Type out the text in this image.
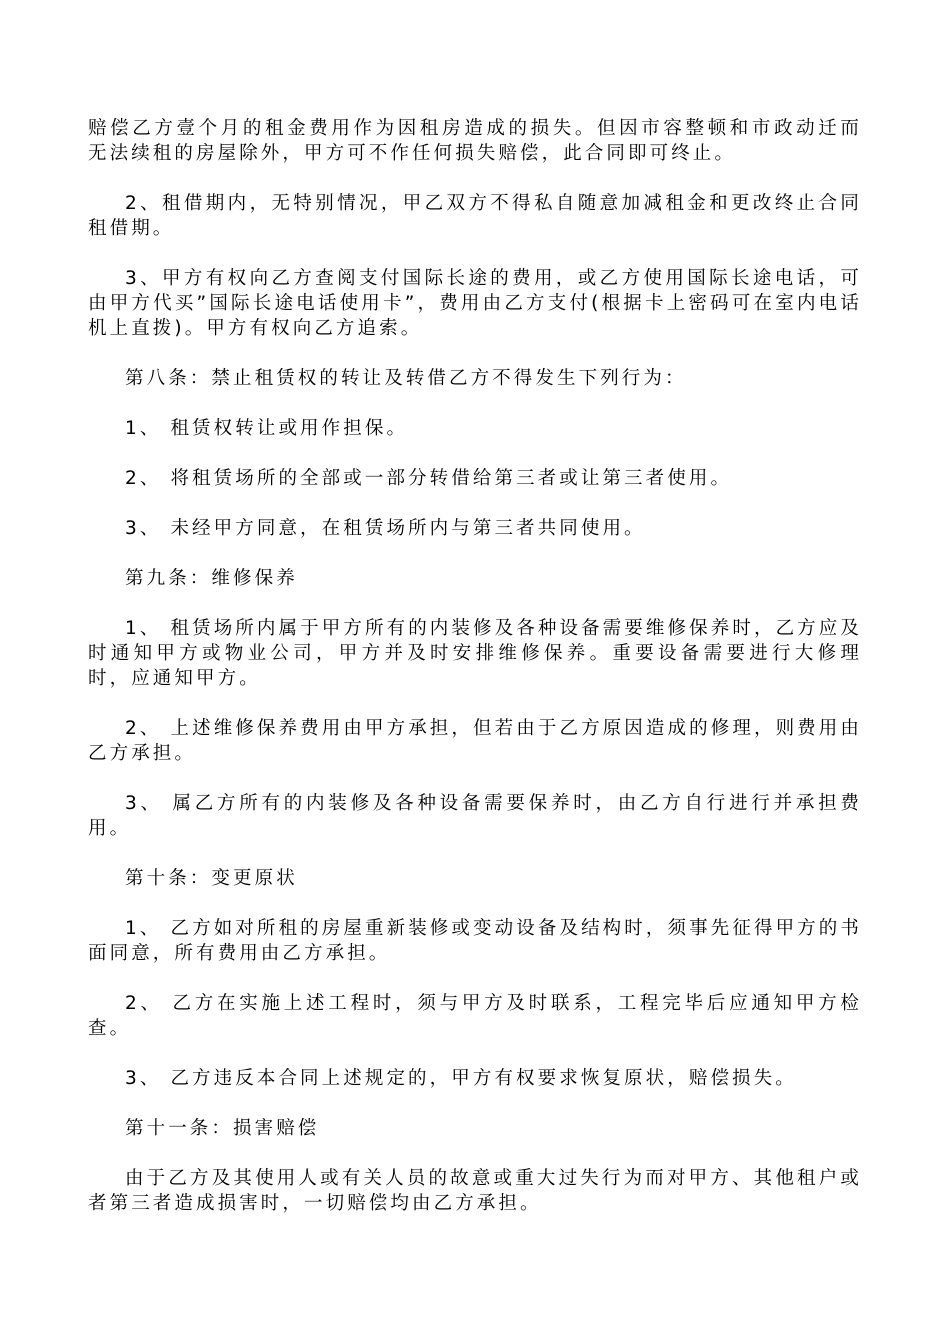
赔偿乙方壹个月的租金费用作为因租房造成的损失。但因市容整顿和市政动迁而无法续租的房屋除外，甲方可不作任何损失赔偿，此合同即可终止。

2、租借期内，无特别情况，甲乙双方不得私自随意加减租金和更改终止合同租借期。

3、甲方有权向乙方查阅支付国际长途的费用，或乙方使用国际长途电话，可由甲方代买”国际长途电话使用卡”，费用由乙方支付(根据卡上密码可在室内电话机上直拨)。甲方有权向乙方追索。

第八条：禁止租赁权的转让及转借乙方不得发生下列行为：

1、 租赁权转让或用作担保。

2、 将租赁场所的全部或一部分转借给第三者或让第三者使用。

3、 未经甲方同意，在租赁场所内与第三者共同使用。

第九条：维修保养

1、 租赁场所内属于甲方所有的内装修及各种设备需要维修保养时，乙方应及时通知甲方或物业公司，甲方并及时安排维修保养。重要设备需要进行大修理时，应通知甲方。

2、 上述维修保养费用由甲方承担，但若由于乙方原因造成的修理，则费用由乙方承担。

3、 属乙方所有的内装修及各种设备需要保养时，由乙方自行进行并承担费用。

第十条：变更原状

1、 乙方如对所租的房屋重新装修或变动设备及结构时，须事先征得甲方的书面同意，所有费用由乙方承担。

2、 乙方在实施上述工程时，须与甲方及时联系，工程完毕后应通知甲方检查。

3、 乙方违反本合同上述规定的，甲方有权要求恢复原状，赔偿损失。

第十一条：损害赔偿

由于乙方及其使用人或有关人员的故意或重大过失行为而对甲方、其他租户或者第三者造成损害时，一切赔偿均由乙方承担。
